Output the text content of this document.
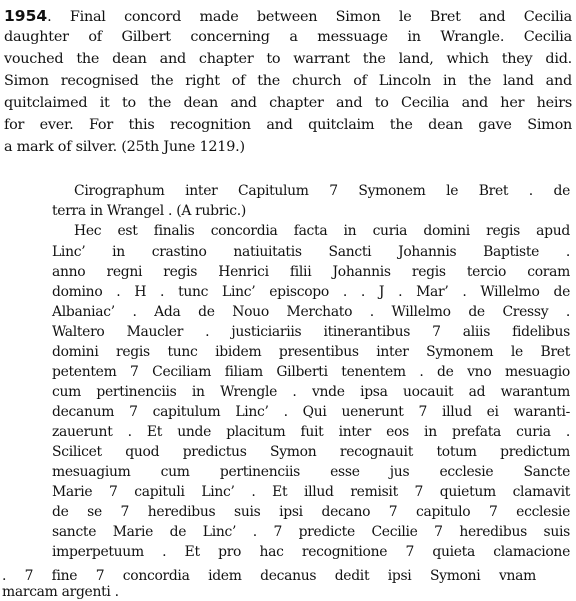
1954. Final concord made between Simon le Bret and Cecilia
daughter of Gilbert concerning a messuage in Wrangle. Cecilia
vouched the dean and chapter to warrant the land, which they did.
Simon recognised the right of the church of Lincoln in the land and
quitclaimed it to the dean and chapter and to Cecilia and her heirs
for ever. For this recognition and quitclaim the dean gave Simon
a mark of silver. (25th June 1219.)
Cirographum inter Capitulum 7 Symonem le Bret . de
terra in Wrangel . (A rubric.)
Hec est finalis concordia facta in curia domini regis apud
Linc’ in crastino natiuitatis Sancti Johannis Baptiste .
anno regni regis Henrici filii Johannis regis tercio coram
domino . H . tunc Linc’ episcopo . . J . Mar’ . Willelmo de
Albaniac’ . Ada de Nouo Merchato . Willelmo de Cressy .
Waltero Maucler . justiciariis itinerantibus 7 aliis fidelibus
domini regis tunc ibidem presentibus inter Symonem le Bret
petentem 7 Ceciliam filiam Gilberti tenentem . de vno mesuagio
cum pertinenciis in Wrengle . vnde ipsa uocauit ad warantum
decanum 7 capitulum Linc’ . Qui uenerunt 7 illud ei waranti-
zauerunt . Et unde placitum fuit inter eos in prefata curia .
Scilicet quod predictus Symon recognauit totum predictum
mesuagium cum pertinenciis esse jus ecclesie Sancte
Marie 7 capituli Linc’ . Et illud remisit 7 quietum clamavit
de se 7 heredibus suis ipsi decano 7 capitulo 7 ecclesie
sancte Marie de Linc’ . 7 predicte Cecilie 7 heredibus suis
imperpetuum . Et pro hac recognitione 7 quieta clamacione
. 7 fine 7 concordia idem decanus dedit ipsi Symoni vnam
marcam argenti .
